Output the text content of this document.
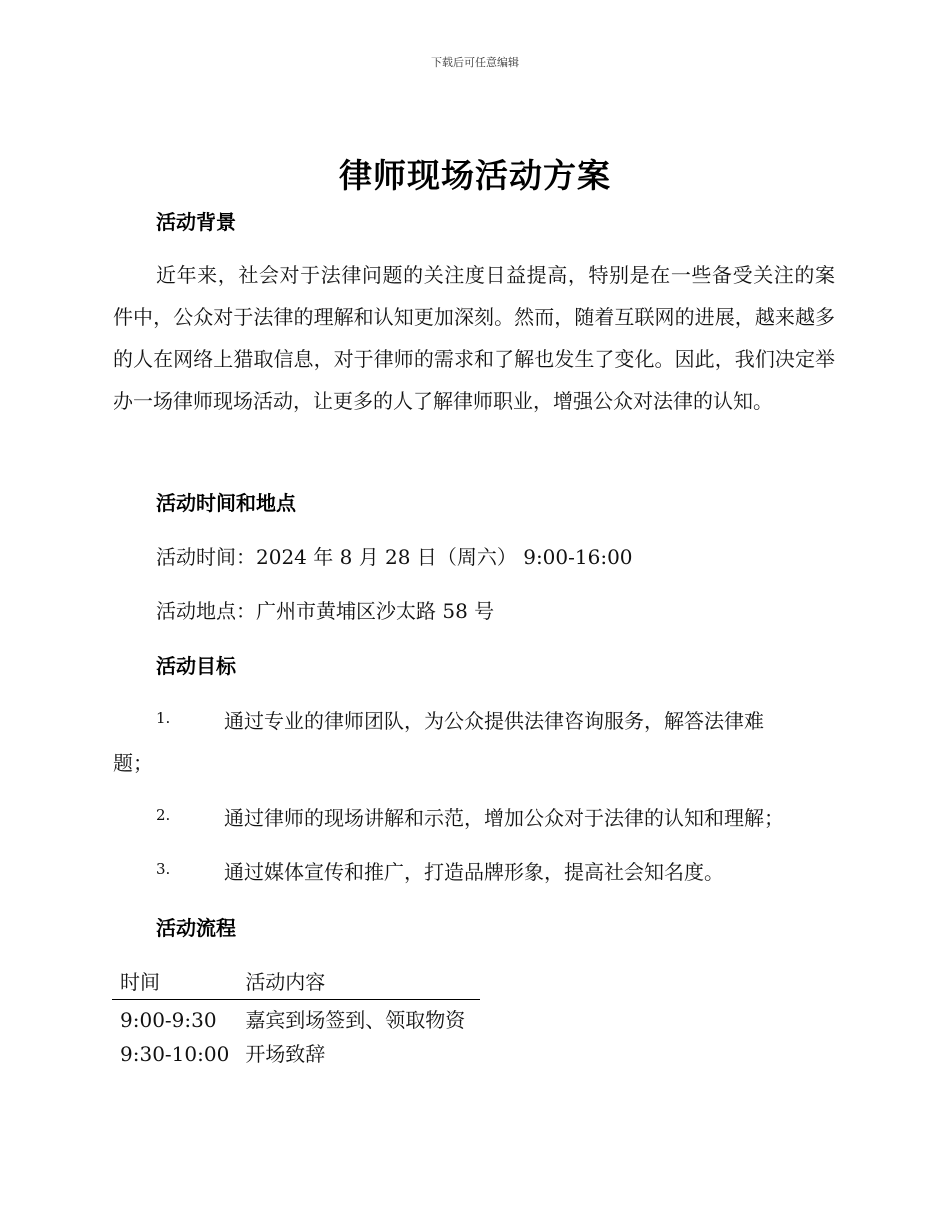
下载后可任意编辑
律师现场活动方案
活动背景
近年来，社会对于法律问题的关注度日益提高，特别是在一些备受关注的案件中，公众对于法律的理解和认知更加深刻。然而，随着互联网的进展，越来越多的人在网络上猎取信息，对于律师的需求和了解也发生了变化。因此，我们决定举办一场律师现场活动，让更多的人了解律师职业，增强公众对法律的认知。
活动时间和地点
活动时间：2024 年 8 月 28 日（周六） 9:00-16:00
活动地点：广州市黄埔区沙太路 58 号
活动目标
1.	通过专业的律师团队，为公众提供法律咨询服务，解答法律难
题；
2.	通过律师的现场讲解和示范，增加公众对于法律的认知和理解；
3.	通过媒体宣传和推广，打造品牌形象，提高社会知名度。
活动流程
时间	活动内容
9:00-9:30	嘉宾到场签到、领取物资
9:30-10:00	开场致辞
